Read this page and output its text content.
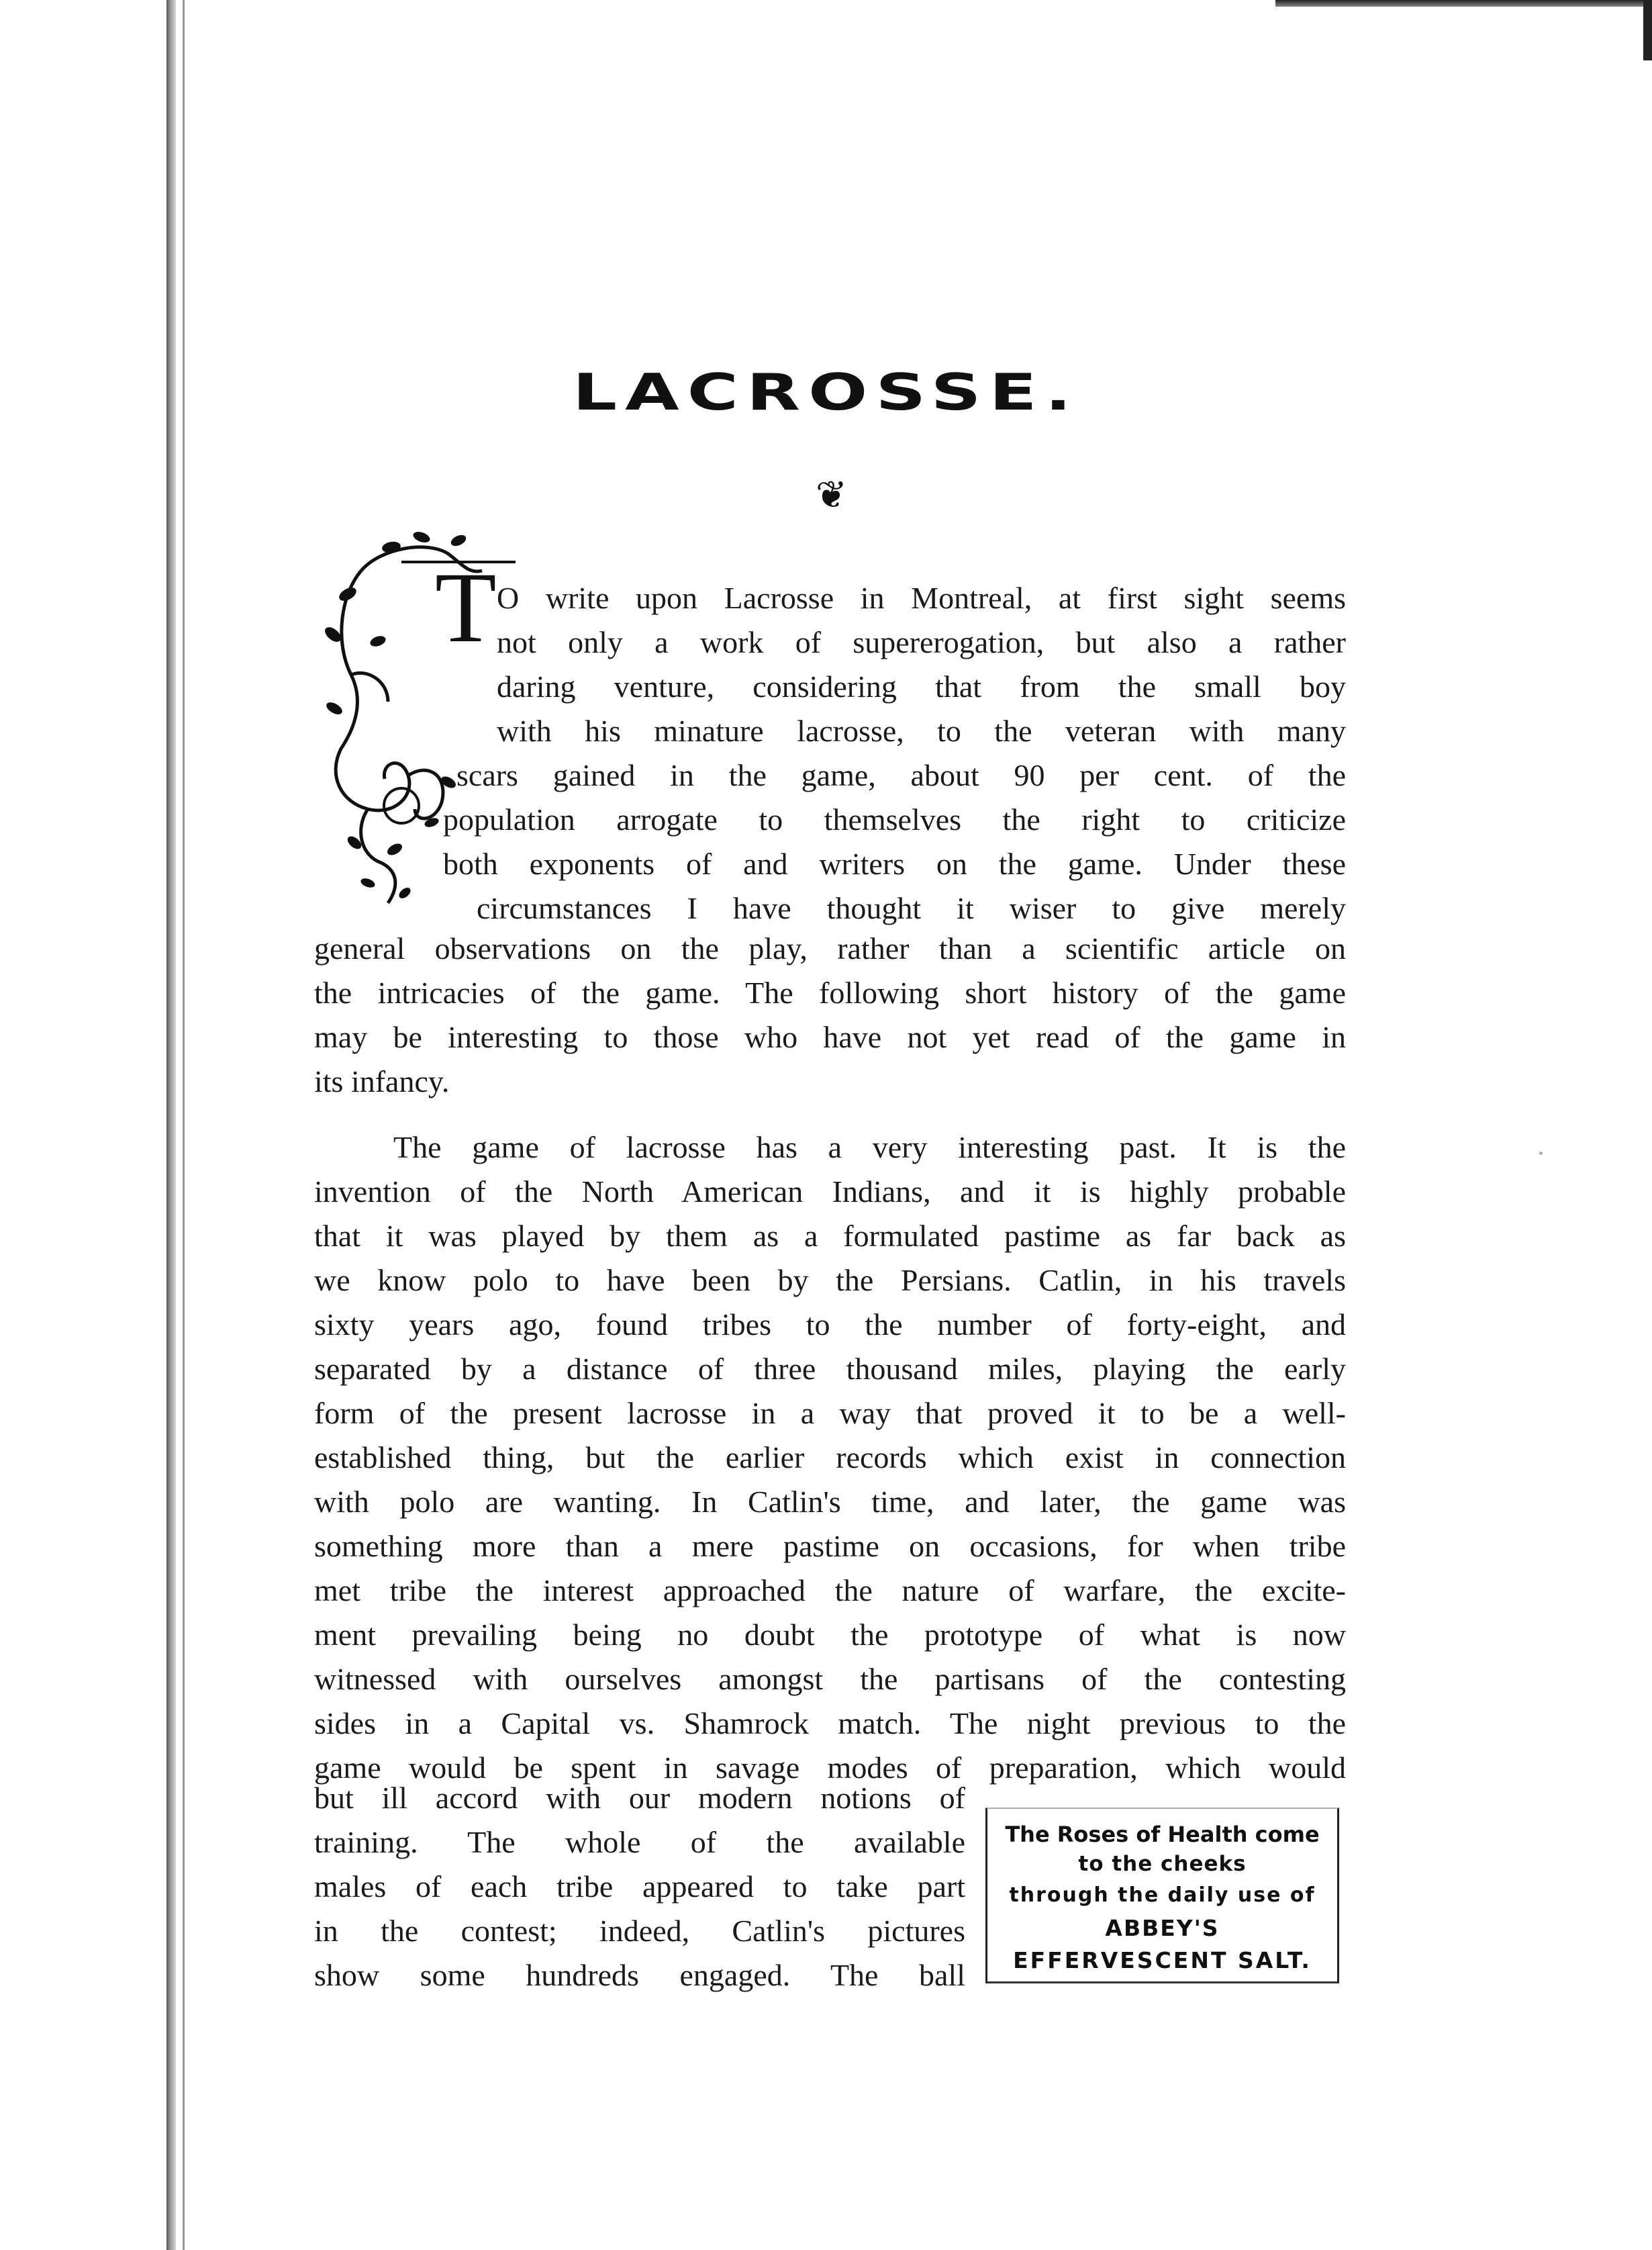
LACROSSE.
❦
T O write upon Lacrosse in Montreal, at first sight seems
not only a work of supererogation, but also a rather
daring venture, considering that from the small boy
with his minature lacrosse, to the veteran with many
scars gained in the game, about 90 per cent. of the
population arrogate to themselves the right to criticize
both exponents of and writers on the game. Under these
circumstances I have thought it wiser to give merely
general observations on the play, rather than a scientific article on
the intricacies of the game. The following short history of the game
may be interesting to those who have not yet read of the game in
its infancy.
The game of lacrosse has a very interesting past. It is the
invention of the North American Indians, and it is highly probable
that it was played by them as a formulated pastime as far back as
we know polo to have been by the Persians. Catlin, in his travels
sixty years ago, found tribes to the number of forty-eight, and
separated by a distance of three thousand miles, playing the early
form of the present lacrosse in a way that proved it to be a well-
established thing, but the earlier records which exist in connection
with polo are wanting. In Catlin's time, and later, the game was
something more than a mere pastime on occasions, for when tribe
met tribe the interest approached the nature of warfare, the excite-
ment prevailing being no doubt the prototype of what is now
witnessed with ourselves amongst the partisans of the contesting
sides in a Capital vs. Shamrock match. The night previous to the
game would be spent in savage modes of preparation, which would
but ill accord with our modern notions of
training. The whole of the available
males of each tribe appeared to take part
in the contest; indeed, Catlin's pictures
show some hundreds engaged. The ball
The Roses of Health come
to the cheeks
through the daily use of
ABBEY'S
EFFERVESCENT SALT.
